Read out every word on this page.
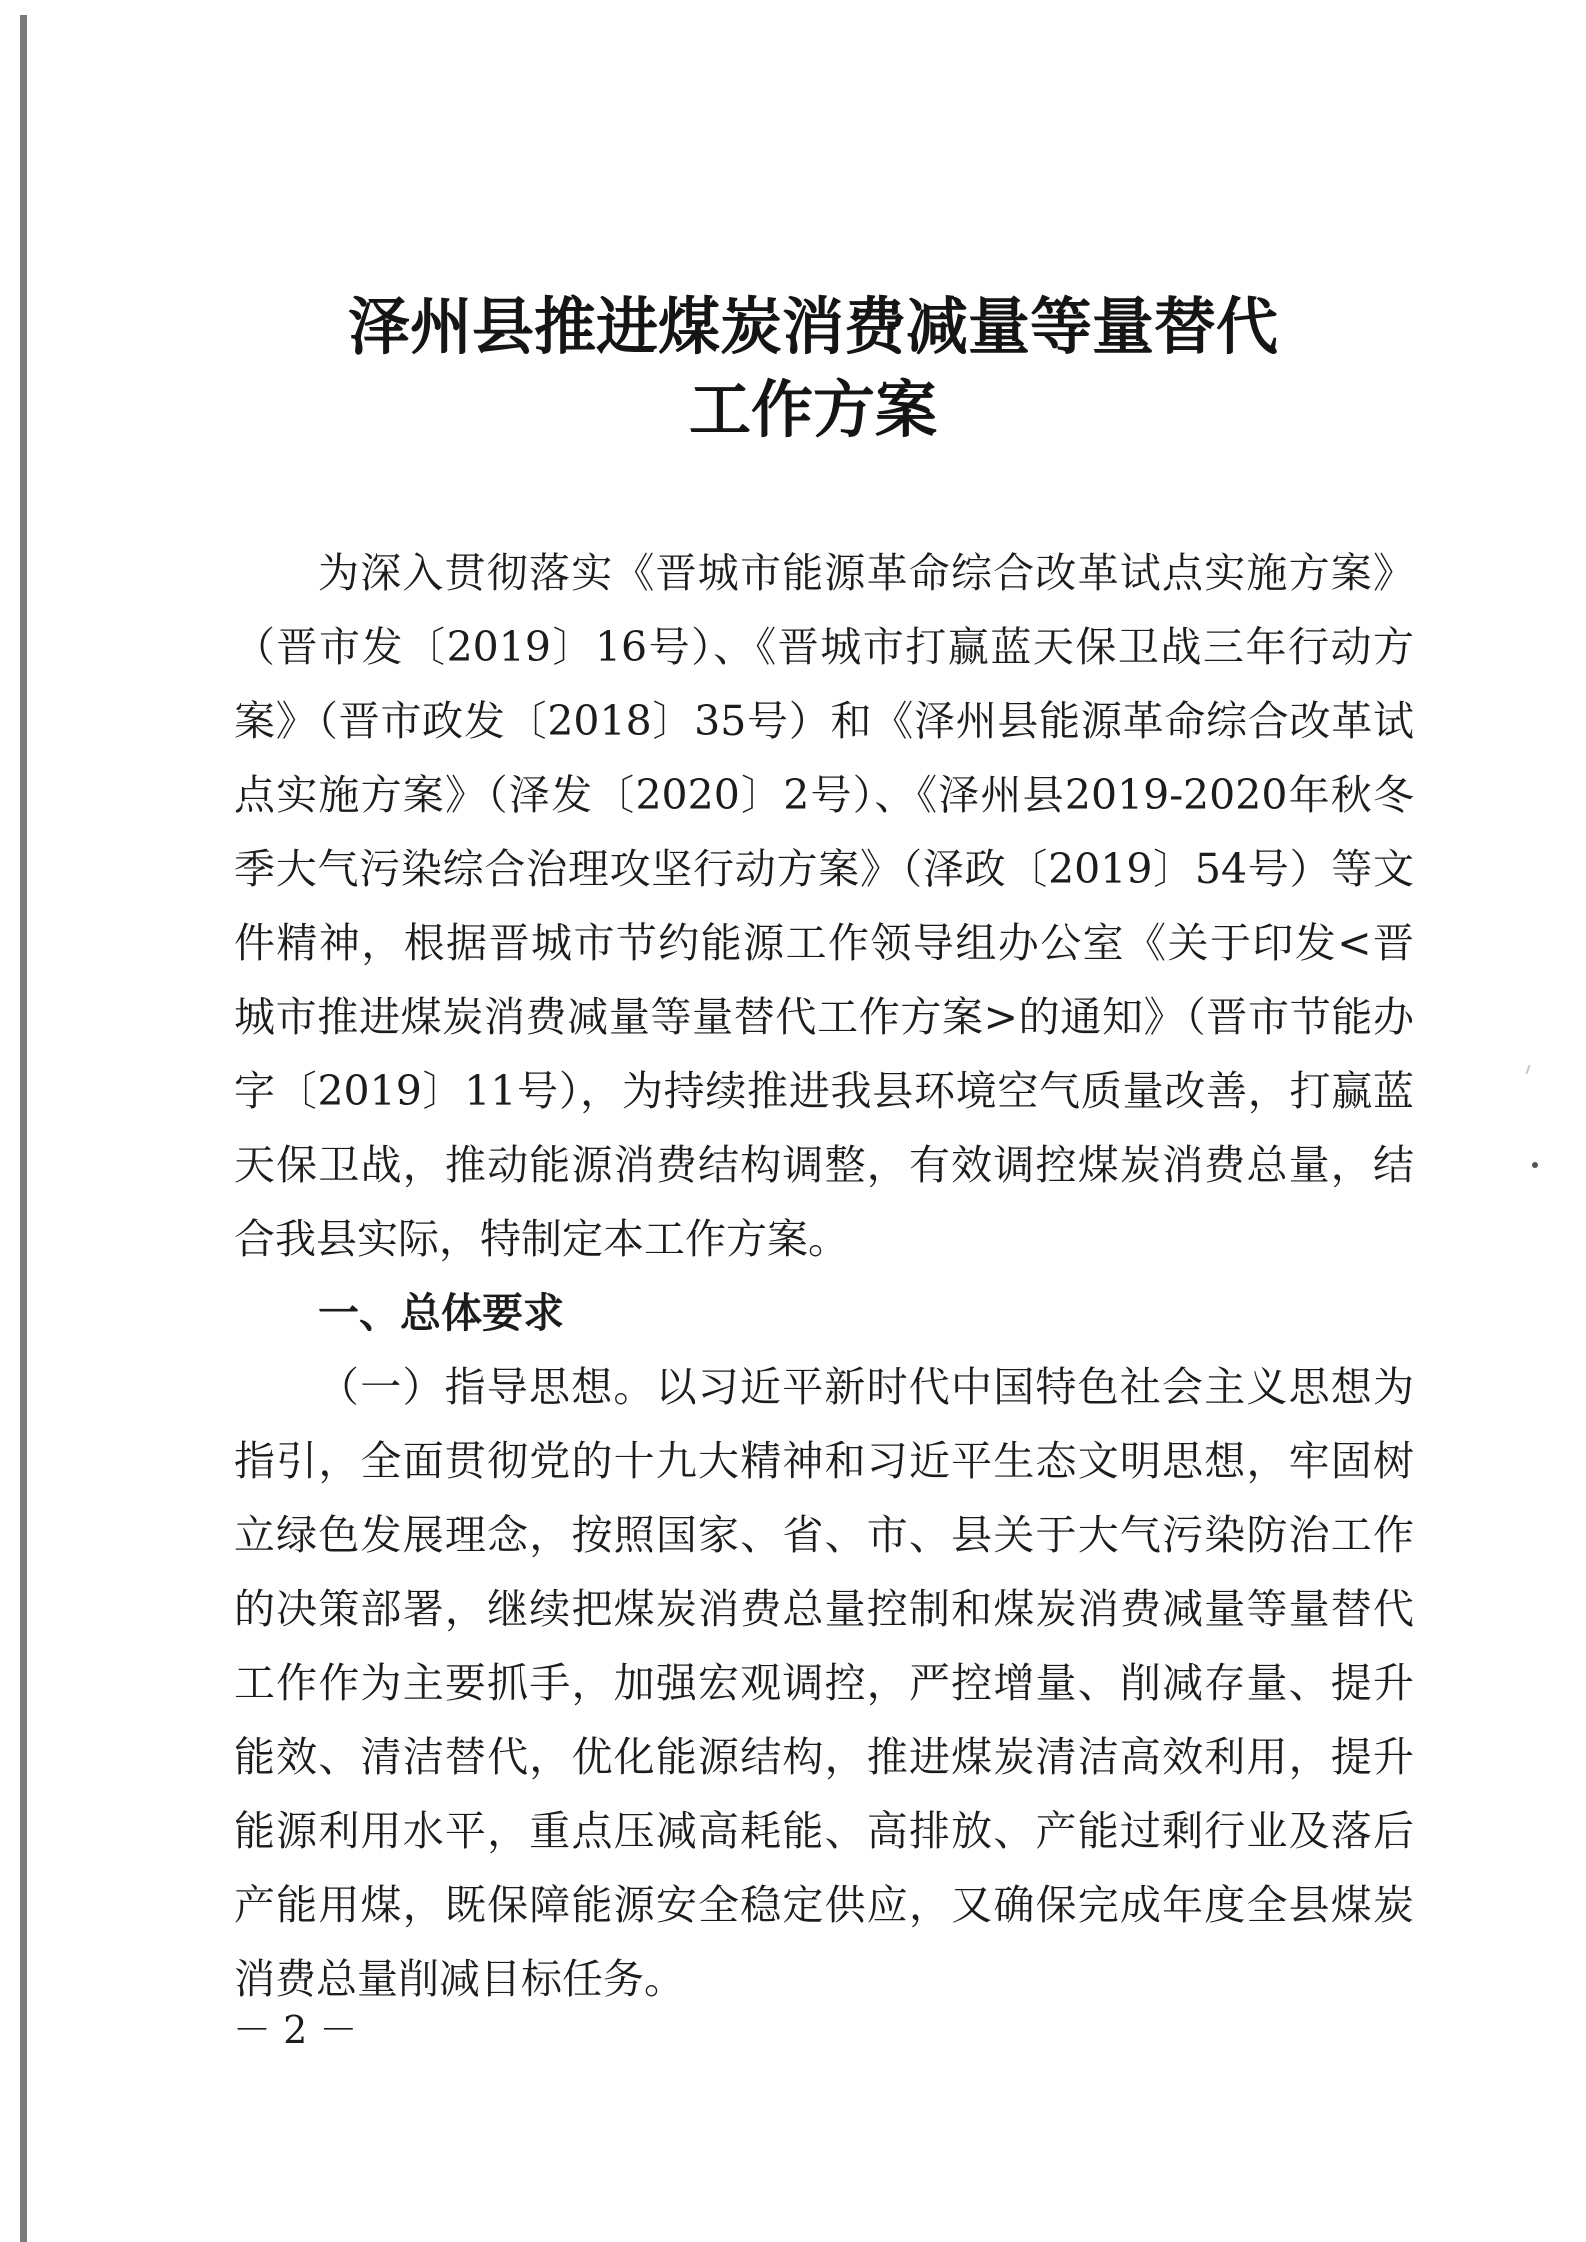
泽州县推进煤炭消费减量等量替代
工作方案
为深入贯彻落实《晋城市能源革命综合改革试点实施方案》
（晋市发〔2019〕16号）、《晋城市打赢蓝天保卫战三年行动方
案》（晋市政发〔2018〕35号）和《泽州县能源革命综合改革试
点实施方案》（泽发〔2020〕2号）、《泽州县2019-2020年秋冬
季大气污染综合治理攻坚行动方案》（泽政〔2019〕54号）等文
件精神，根据晋城市节约能源工作领导组办公室《关于印发<晋
城市推进煤炭消费减量等量替代工作方案>的通知》（晋市节能办
字〔2019〕11号），为持续推进我县环境空气质量改善，打赢蓝
天保卫战，推动能源消费结构调整，有效调控煤炭消费总量，结
合我县实际，特制定本工作方案。
一、总体要求
（一）指导思想。以习近平新时代中国特色社会主义思想为
指引，全面贯彻党的十九大精神和习近平生态文明思想，牢固树
立绿色发展理念，按照国家、省、市、县关于大气污染防治工作
的决策部署，继续把煤炭消费总量控制和煤炭消费减量等量替代
工作作为主要抓手，加强宏观调控，严控增量、削减存量、提升
能效、清洁替代，优化能源结构，推进煤炭清洁高效利用，提升
能源利用水平，重点压减高耗能、高排放、产能过剩行业及落后
产能用煤，既保障能源安全稳定供应，又确保完成年度全县煤炭
消费总量削减目标任务。
－ 2 －
